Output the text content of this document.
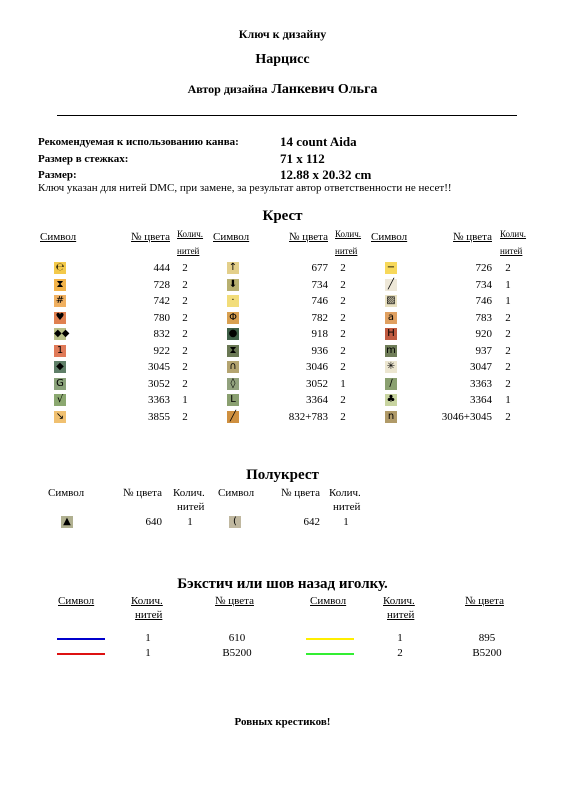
Ключ к дизайну
Нарцисс
Автор дизайна Ланкевич Ольга
Рекомендуемая к использованию канва:	14 count Aida
Размер в стежках:	71 x 112
Размер:	12.88 x 20.32 cm
Ключ указан для нитей DMC, при замене, за результат автор ответственности не несет!!
Крест
Символ	№ цвета Колич.
нитей
℮	444	2
⧗	728	2
#	742	2
♥	780	2
◆◆	832	2
1	922	2
◆	3045	2
G	3052	2
√	3363	1
↘	3855	2
Символ	№ цвета Колич.
нитей
↑	677	2
⬇	734	2
·	746	2
Φ	782	2
●	918	2
⧗	936	2
∩	3046	2
◊	3052	1
L	3364	2
╱	832+783	2
Символ	№ цвета Колич.
нитей
−	726	2
╱	734	1
▨	746	1
a	783	2
H	920	2
m	937	2
✳	3047	2
∕	3363	2
♣	3364	1
n	3046+3045	2
Полукрест
Символ	№ цвета Колич.
нитей
▲	640	1
Символ	№ цвета Колич.
нитей
(	642	1
Бэкстич или шов назад иголку.
Символ	Колич.
нитей
№ цвета
1	610
1	B5200
Символ	Колич.
нитей
№ цвета
1	895
2	B5200
Ровных крестиков!
